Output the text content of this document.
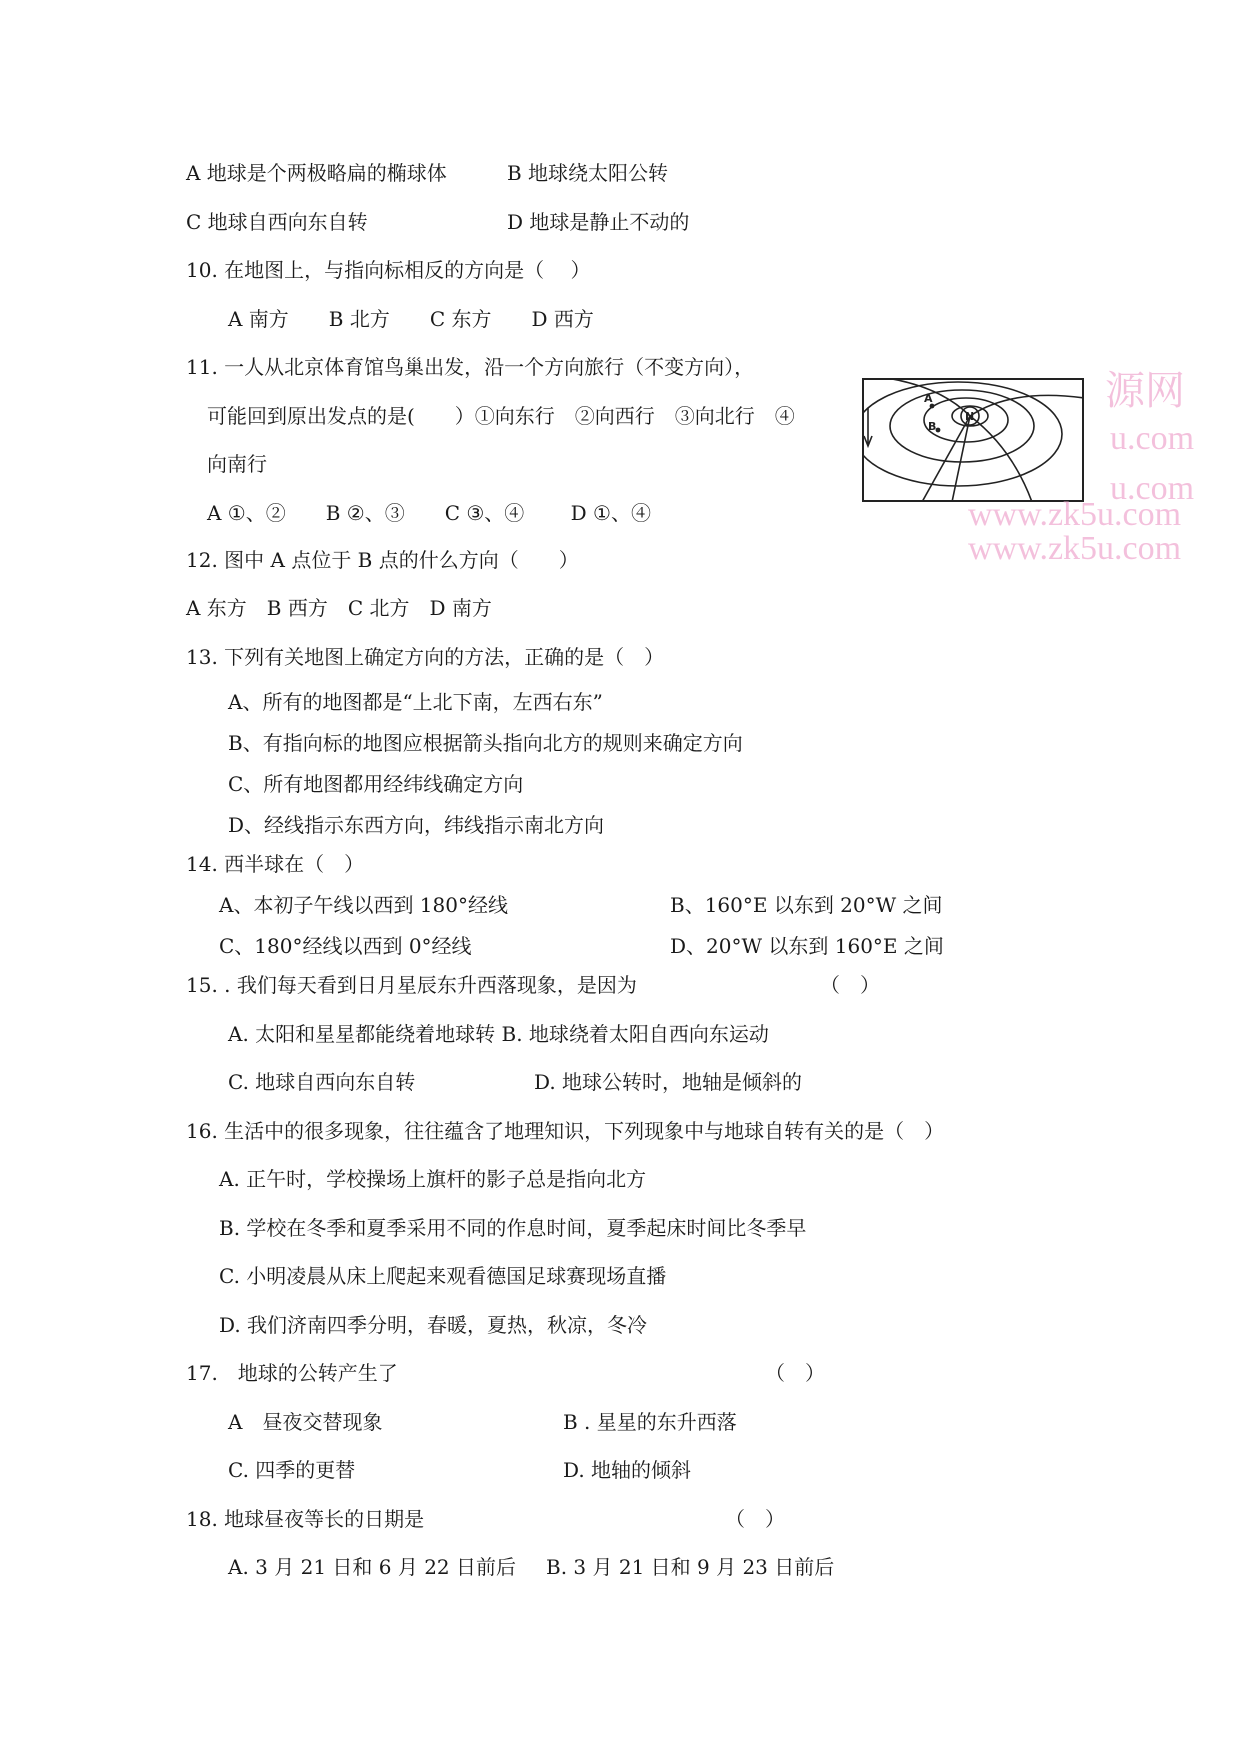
A 地球是个两极略扁的椭球体	B 地球绕太阳公转
C 地球自西向东自转	D 地球是静止不动的
10. 在地图上，与指向标相反的方向是（　 ）
A 南方　　B 北方　　C 东方　　D 西方
11. 一人从北京体育馆鸟巢出发，沿一个方向旅行（不变方向），
可能回到原出发点的是(　　）①向东行　②向西行　③向北行　④
向南行
A ①、②　　B ②、③　　C ③、④　　 D ①、④
A
B
N
源网
u.com
u.com
www.zk5u.com
www.zk5u.com
12. 图中 A 点位于 B 点的什么方向（　　）
A 东方　B 西方　C 北方　D 南方
13. 下列有关地图上确定方向的方法，正确的是（　）
A、所有的地图都是“上北下南，左西右东”
B、有指向标的地图应根据箭头指向北方的规则来确定方向
C、所有地图都用经纬线确定方向
D、经线指示东西方向，纬线指示南北方向
14. 西半球在（　）
A、本初子午线以西到 180°经线	B、160°E 以东到 20°W 之间
C、180°经线以西到 0°经线	D、20°W 以东到 160°E 之间
15. . 我们每天看到日月星辰东升西落现象，是因为	（　）
A. 太阳和星星都能绕着地球转 B. 地球绕着太阳自西向东运动
C. 地球自西向东自转	D. 地球公转时，地轴是倾斜的
16. 生活中的很多现象，往往蕴含了地理知识，下列现象中与地球自转有关的是（　）
A. 正午时，学校操场上旗杆的影子总是指向北方
B. 学校在冬季和夏季采用不同的作息时间，夏季起床时间比冬季早
C. 小明凌晨从床上爬起来观看德国足球赛现场直播
D. 我们济南四季分明，春暖，夏热，秋凉，冬冷
17.　地球的公转产生了	（　）
A　昼夜交替现象	B . 星星的东升西落
C. 四季的更替	D. 地轴的倾斜
18. 地球昼夜等长的日期是	（　）
A. 3 月 21 日和 6 月 22 日前后 B. 3 月 21 日和 9 月 23 日前后
